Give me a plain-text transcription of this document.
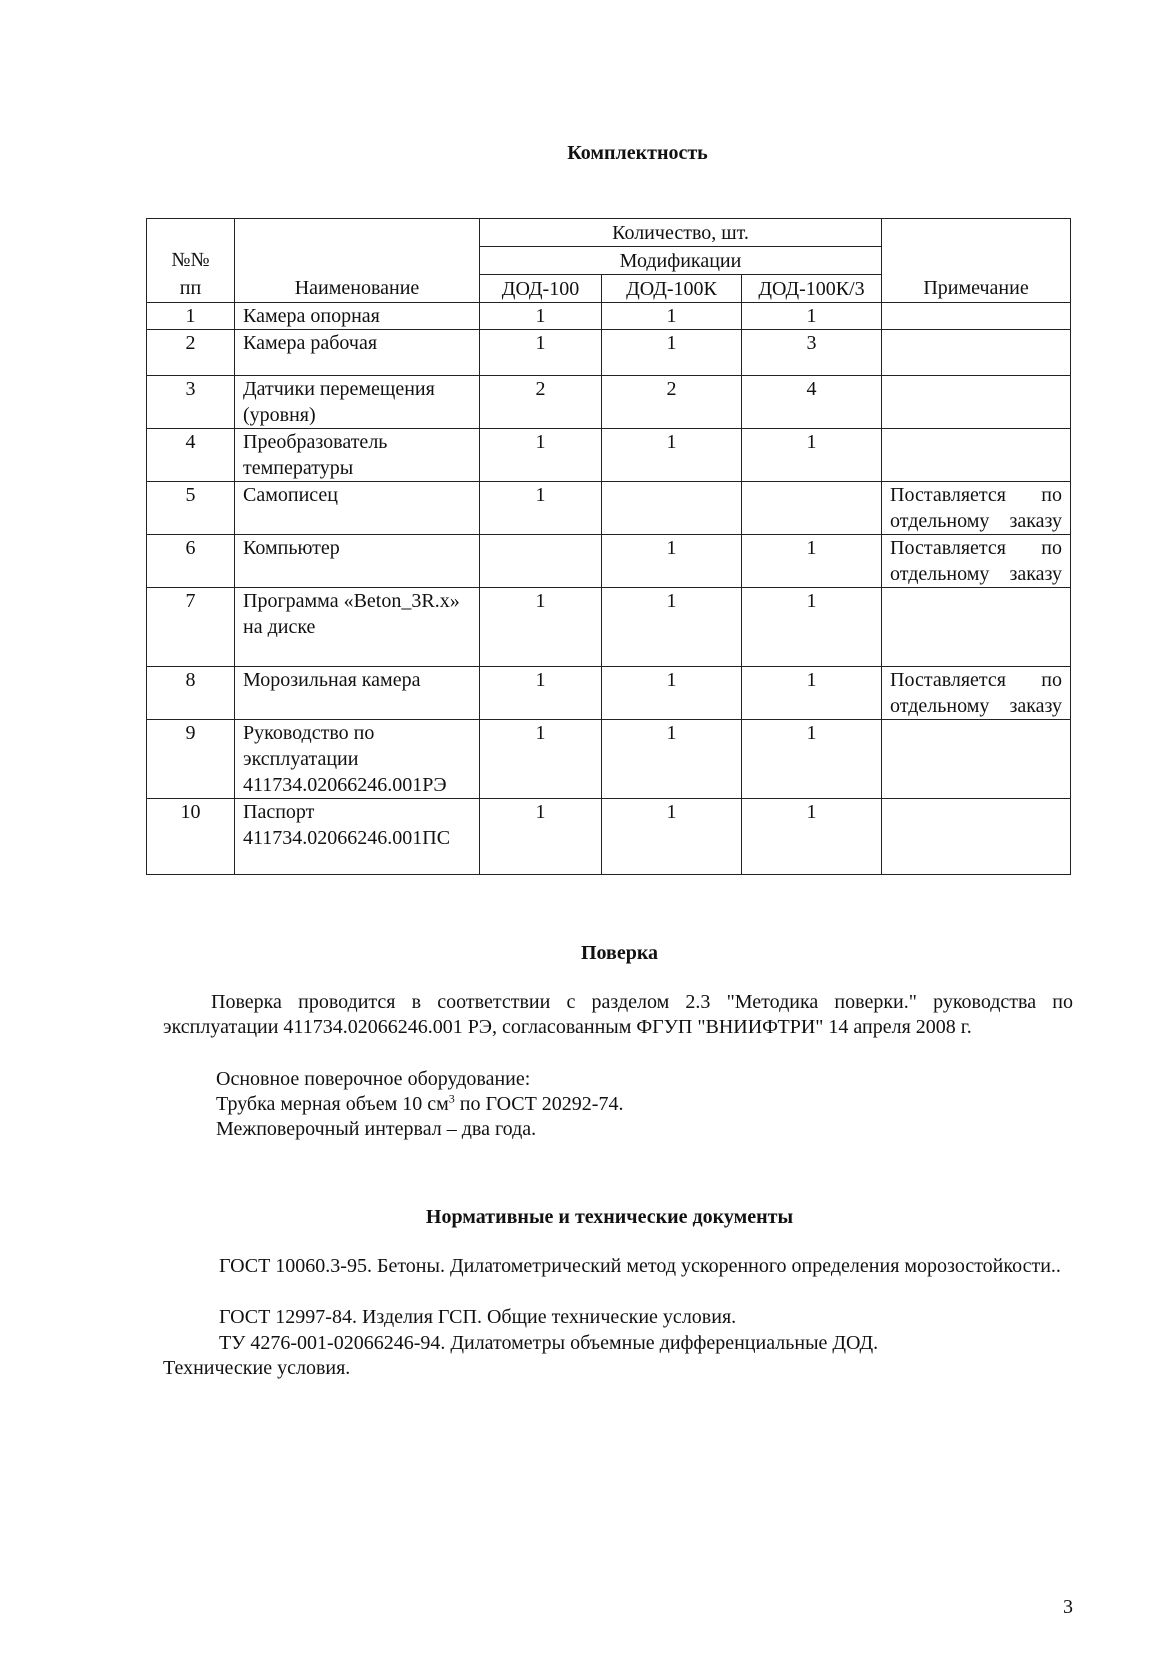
Комплектность
№№
пп	Наименование	Количество, шт.			Примечание
		Модификации			
		ДОД-100	ДОД-100К	ДОД-100К/3	
1	Камера опорная	1	1	1	
2	Камера рабочая	1	1	3	
3	Датчики перемещения (уровня)	2	2	4	
4	Преобразователь температуры	1	1	1	
5	Самописец	1			Поставляется по отдельному заказу
6	Компьютер		1	1	Поставляется по отдельному заказу
7	Программа «Beton_3R.x» на диске	1	1	1	
8	Морозильная камера	1	1	1	Поставляется по отдельному заказу
9	Руководство по эксплуатации 411734.02066246.001РЭ	1	1	1	
10	Паспорт 411734.02066246.001ПС	1	1	1	
Поверка
Поверка проводится в соответствии с разделом 2.3 "Методика поверки." руководства по эксплуатации 411734.02066246.001 РЭ, согласованным ФГУП "ВНИИФТРИ" 14 апреля 2008 г.
Основное поверочное оборудование:
Трубка мерная объем 10 $см^3$ по ГОСТ 20292-74.
Межповерочный интервал – два года.
Нормативные и технические документы
ГОСТ 10060.3-95. Бетоны. Дилатометрический метод ускоренного определения морозостойкости..
ГОСТ 12997-84. Изделия ГСП. Общие технические условия.
ТУ 4276-001-02066246-94. Дилатометры объемные дифференциальные ДОД.
Технические условия.
3
